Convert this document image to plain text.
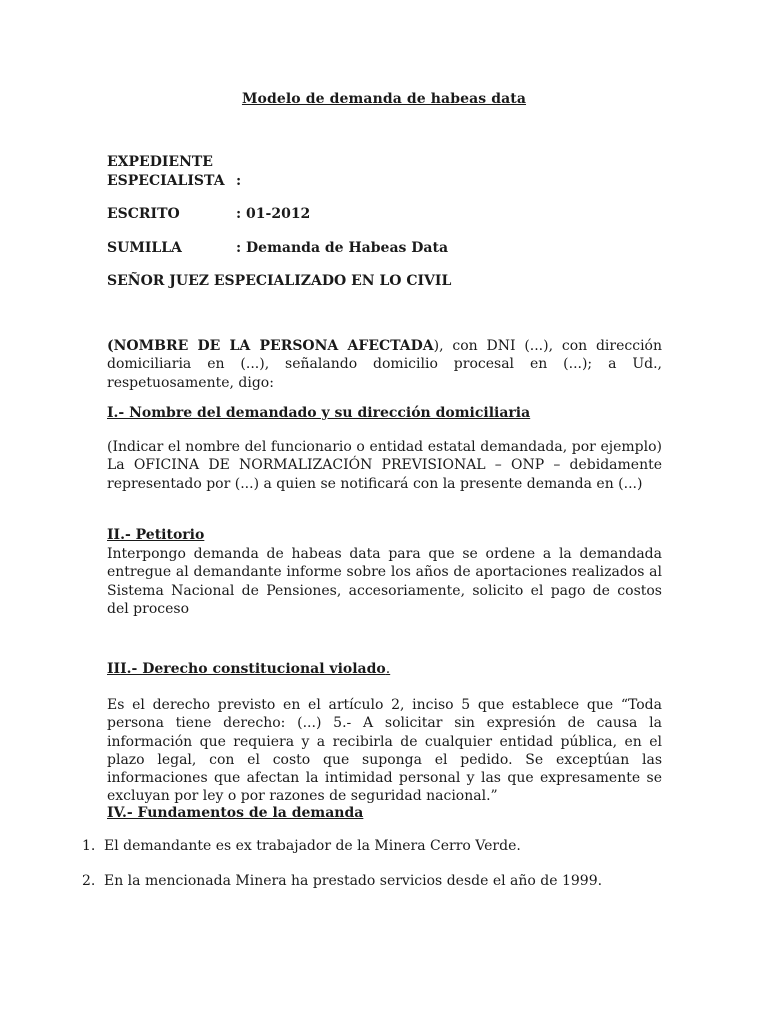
Modelo de demanda de habeas data
EXPEDIENTE
ESPECIALISTA :
ESCRITO	: 01-2012
SUMILLA	: Demanda de Habeas Data
SEÑOR JUEZ ESPECIALIZADO EN LO CIVIL
(NOMBRE DE LA PERSONA AFECTADA), con DNI (...), con dirección domiciliaria en (...), señalando domicilio procesal en (...); a Ud., respetuosamente, digo:
I.- Nombre del demandado y su dirección domiciliaria
(Indicar el nombre del funcionario o entidad estatal demandada, por ejemplo) La OFICINA DE NORMALIZACIÓN PREVISIONAL – ONP – debidamente representado por (...) a quien se notificará con la presente demanda en (...)
II.- Petitorio
Interpongo demanda de habeas data para que se ordene a la demandada entregue al demandante informe sobre los años de aportaciones realizados al Sistema Nacional de Pensiones, accesoriamente, solicito el pago de costos del proceso
III.- Derecho constitucional violado.
Es el derecho previsto en el artículo 2, inciso 5 que establece que “Toda persona tiene derecho: (...) 5.- A solicitar sin expresión de causa la información que requiera y a recibirla de cualquier entidad pública, en el plazo legal, con el costo que suponga el pedido. Se exceptúan las informaciones que afectan la intimidad personal y las que expresamente se excluyan por ley o por razones de seguridad nacional.”
IV.- Fundamentos de la demanda
1. El demandante es ex trabajador de la Minera Cerro Verde.
2. En la mencionada Minera ha prestado servicios desde el año de 1999.
